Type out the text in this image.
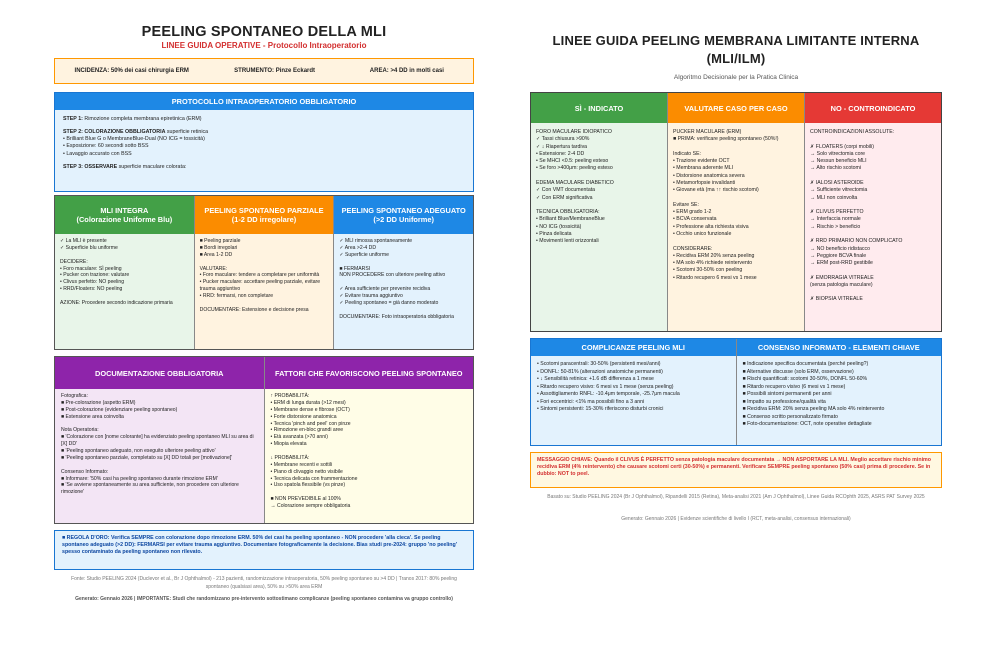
PEELING SPONTANEO DELLA MLI
LINEE GUIDA OPERATIVE - Protocollo Intraoperatorio
INCIDENZA: 50% dei casi chirurgia ERM	STRUMENTO: Pinze Eckardt	AREA: >4 DD in molti casi
PROTOCOLLO INTRAOPERATORIO OBBLIGATORIO
STEP 1: Rimozione completa membrana epiretinica (ERM)
STEP 2: COLORAZIONE OBBLIGATORIA superficie retinica
• Brilliant Blue G o MembraneBlue-Dual (NO ICG = tossicità)
• Esposizione: 60 secondi sotto BSS
• Lavaggio accurato con BSS
STEP 3: OSSERVARE superficie maculare colorata:
MLI INTEGRA
(Colorazione Uniforme Blu)
✓ La MLI è presente
✓ Superficie blu uniforme

DECIDERE:
• Foro maculare: SÌ peeling
• Pucker con trazione: valutare
• Clivus perfetto: NO peeling
• RRD/Floaters: NO peeling

AZIONE: Procedere secondo indicazione primaria
PEELING SPONTANEO PARZIALE
(1-2 DD irregolare)
■ Peeling parziale
■ Bordi irregolari
■ Area 1-2 DD

VALUTARE:
• Foro maculare: tendere a completare per uniformità
• Pucker maculare: accettare peeling parziale, evitare trauma aggiuntivo
• RRD: fermarsi, non completare

DOCUMENTARE: Estensione e decisione presa
PEELING SPONTANEO ADEGUATO
(>2 DD Uniforme)
✓ MLI rimossa spontaneamente
✓ Area >2-4 DD
✓ Superficie uniforme

■ FERMARSI
NON PROCEDERE con ulteriore peeling attivo

✓ Area sufficiente per prevenire recidiva
✓ Evitare trauma aggiuntivo
✓ Peeling spontaneo = già danno moderato

DOCUMENTARE: Foto intraoperatoria obbligatoria
DOCUMENTAZIONE OBBLIGATORIA
Fotografica:
■ Pre-colorazione (aspetto ERM)
■ Post-colorazione (evidenziare peeling spontaneo)
■ Estensione area coinvolta

Nota Operatoria:
■ 'Colorazione con [nome colorante] ha evidenziato peeling spontaneo MLI su area di [X] DD'
■ 'Peeling spontaneo adeguato, non eseguito ulteriore peeling attivo'
■ 'Peeling spontaneo parziale, completato su [X] DD totali per [motivazione]'

Consenso Informato:
■ Informare: '50% casi ha peeling spontaneo durante rimozione ERM'
■ 'Se avviene spontaneamente su area sufficiente, non procedere con ulteriore rimozione'
FATTORI CHE FAVORISCONO PEELING SPONTANEO
↑ PROBABILITÀ:
• ERM di lunga durata (>12 mesi)
• Membrane dense e fibrose (OCT)
• Forte distorsione anatomica
• Tecnica 'pinch and peel' con pinze
• Rimozione en-bloc grandi aree
• Età avanzata (>70 anni)
• Miopia elevata

↓ PROBABILITÀ:
• Membrane recenti e sottili
• Piano di clivaggio netto visibile
• Tecnica delicata con frammentazione
• Uso spatola flessibile (vs pinze)

■ NON PREVEDIBILE al 100%
→ Colorazione sempre obbligatoria
■ REGOLA D'ORO: Verifica SEMPRE con colorazione dopo rimozione ERM. 50% dei casi ha peeling spontaneo - NON procedere 'alla cieca'. Se peeling spontaneo adeguato (>2 DD): FERMARSI per evitare trauma aggiuntivo. Documentare fotograficamente la decisione. Bias studi pre-2024: gruppo 'no peeling' spesso contaminato da peeling spontaneo non rilevato.
Fonte: Studio PEELING 2024 (Duclevor et al., Br J Ophthalmol) - 213 pazienti, randomizzazione intraoperatoria, 50% peeling spontaneo su >4 DD | Tranos 2017: 80% peeling spontaneo (qualsiasi area), 50% su >50% area ERM
Generato: Gennaio 2026 | IMPORTANTE: Studi che randomizzano pre-intervento sottostimano complicanze (peeling spontaneo contamina va gruppo controllo)
LINEE GUIDA PEELING MEMBRANA LIMITANTE INTERNA (MLI/ILM)
Algoritmo Decisionale per la Pratica Clinica
SÌ - INDICATO
FORO MACULARE IDIOPATICO
✓ Tassi chiusura >90%
✓ ↓ Riapertura tardiva
• Estensione: 2-4 DD
• Se MHCI <0.5: peeling esteso
• Se foro >400μm: peeling esteso

EDEMA MACULARE DIABETICO
✓ Con VMT documentata
✓ Con ERM significativa

TECNICA OBBLIGATORIA:
• Brilliant Blue/MembraneBlue
• NO ICG (tossicità)
• Pinza delicata
• Movimenti lenti orizzontali
VALUTARE CASO PER CASO
PUCKER MACULARE (ERM)
■ PRIMA: verificare peeling spontaneo (50%!)

Indicato SE:
• Trazione evidente OCT
• Membrana aderente MLI
• Distorsione anatomica severa
• Metamorfopsie invalidanti
• Giovane età (ma ↑↑ rischio scotomi)

Evitare SE:
• ERM grado 1-2
• BCVA conservata
• Professione alta richiesta visiva
• Occhio unico funzionale

CONSIDERARE:
• Recidiva ERM 20% senza peeling
• MA solo 4% richiede reintervento
• Scotomi 30-50% con peeling
• Ritardo recupero 6 mesi vs 1 mese
NO - CONTROINDICATO
CONTROINDICAZIONI ASSOLUTE:

✗ FLOATERS (corpi mobili)
→ Solo vitrectomia core
→ Nessun beneficio MLI
→ Alto rischio scotomi

✗ IALOSI ASTEROIDE
→ Sufficiente vitrectomia
→ MLI non coinvolta

✗ CLIVUS PERFETTO
→ Interfaccia normale
→ Rischio > beneficio

✗ RRD PRIMARIO NON COMPLICATO
→ NO beneficio ridistacco
→ Peggiore BCVA finale
→ ERM post-RRD gestibile

✗ EMORRAGIA VITREALE
(senza patologia maculare)

✗ BIOPSIA VITREALE
COMPLICANZE PEELING MLI
• Scotomi paracentrali: 30-50% (persistenti mesi/anni)
• DONFL: 50-81% (alterazioni anatomiche permanenti)
• ↓ Sensibilità retinica: +1.6 dB differenza a 1 mese
• Ritardo recupero visivo: 6 mesi vs 1 mese (senza peeling)
• Assottigliamento RNFL: -10.4μm temporale, -25.7μm macula
• Fori eccentrici: <1% ma possibili fino a 3 anni
• Sintomi persistenti: 15-30% riferiscono disturbi cronici
CONSENSO INFORMATO - ELEMENTI CHIAVE
■ Indicazione specifica documentata (perché peeling?)
■ Alternative discusse (solo ERM, osservazione)
■ Rischi quantificati: scotomi 30-50%, DONFL 50-60%
■ Ritardo recupero visivo (6 mesi vs 1 mese)
■ Possibili sintomi permanenti per anni
■ Impatto su professione/qualità vita
■ Recidiva ERM: 20% senza peeling MA solo 4% reintervento
■ Consenso scritto personalizzato firmato
■ Foto-documentazione: OCT, note operative dettagliate
MESSAGGIO CHIAVE: Quando il CLIVUS È PERFETTO senza patologia maculare documentata → NON ASPORTARE LA MLI. Meglio accettare rischio minimo recidiva ERM (4% reintervento) che causare scotomi certi (30-50%) e permanenti. Verificare SEMPRE peeling spontaneo (50% casi) prima di procedere. Se in dubbio: NOT to peel.
Basato su: Studio PEELING 2024 (Br J Ophthalmol), Ripandelli 2015 (Retina), Meta-analisi 2021 (Am J Ophthalmol), Linee Guida RCOphth 2025, ASRS PAT Survey 2025
Generato: Gennaio 2026 | Evidenze scientifiche di livello I (RCT, meta-analisi, consensus internazionali)
